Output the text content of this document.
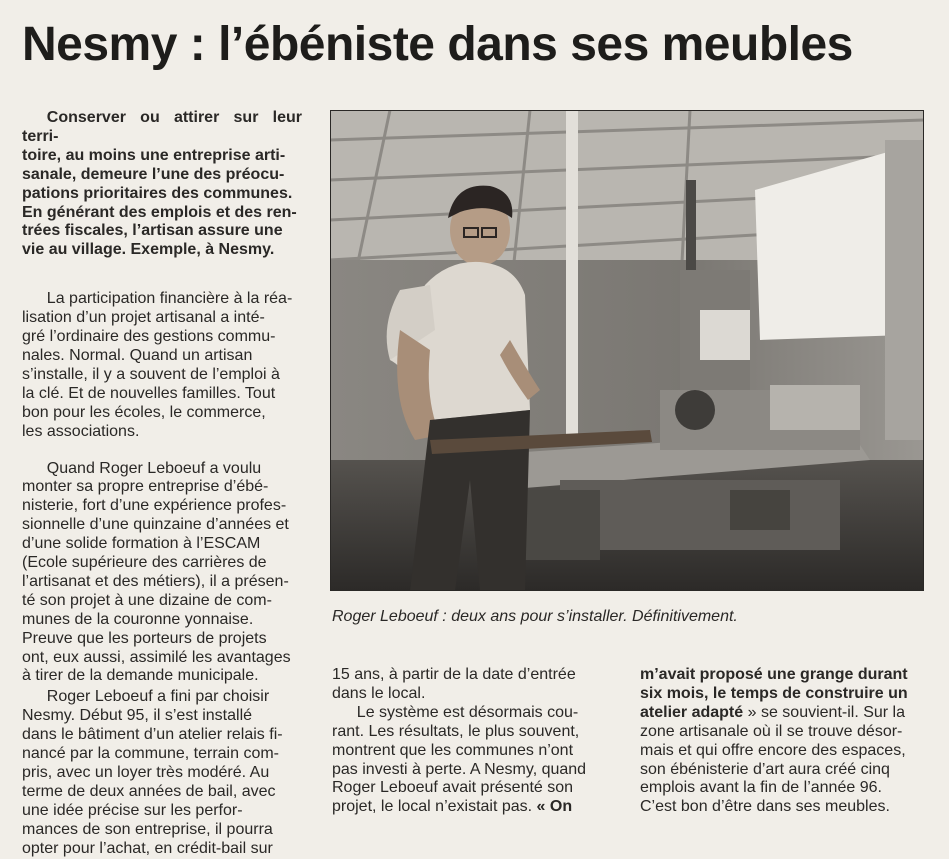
Nesmy : l’ébéniste dans ses meubles

Conserver ou attirer sur leur terri-

toire, au moins une entreprise arti-

sanale, demeure l’une des préocu-

pations prioritaires des communes.

En générant des emplois et des ren-

trées fiscales, l’artisan assure une

vie au village. Exemple, à Nesmy.

La participation financière à la réa-

lisation d’un projet artisanal a inté-

gré l’ordinaire des gestions commu-

nales. Normal. Quand un artisan

s’installe, il y a souvent de l’emploi à

la clé. Et de nouvelles familles. Tout

bon pour les écoles, le commerce,

les associations.

Quand Roger Leboeuf a voulu

monter sa propre entreprise d’ébé-

nisterie, fort d’une expérience profes-

sionnelle d’une quinzaine d’années et

d’une solide formation à l’ESCAM

(Ecole supérieure des carrières de

l’artisanat et des métiers), il a présen-

té son projet à une dizaine de com-

munes de la couronne yonnaise.

Preuve que les porteurs de projets

ont, eux aussi, assimilé les avantages

à tirer de la demande municipale.

Roger Leboeuf a fini par choisir

Nesmy. Début 95, il s’est installé

dans le bâtiment d’un atelier relais fi-

nancé par la commune, terrain com-

pris, avec un loyer très modéré. Au

terme de deux années de bail, avec

une idée précise sur les perfor-

mances de son entreprise, il pourra

opter pour l’achat, en crédit-bail sur

Roger Leboeuf : deux ans pour s’installer. Définitivement.

15 ans, à partir de la date d’entrée

dans le local.

Le système est désormais cou-

rant. Les résultats, le plus souvent,

montrent que les communes n’ont

pas investi à perte. A Nesmy, quand

Roger Leboeuf avait présenté son

projet, le local n’existait pas. « On

m’avait proposé une grange durant

six mois, le temps de construire un

atelier adapté » se souvient-il. Sur la

zone artisanale où il se trouve désor-

mais et qui offre encore des espaces,

son ébénisterie d’art aura créé cinq

emplois avant la fin de l’année 96.

C’est bon d’être dans ses meubles.
